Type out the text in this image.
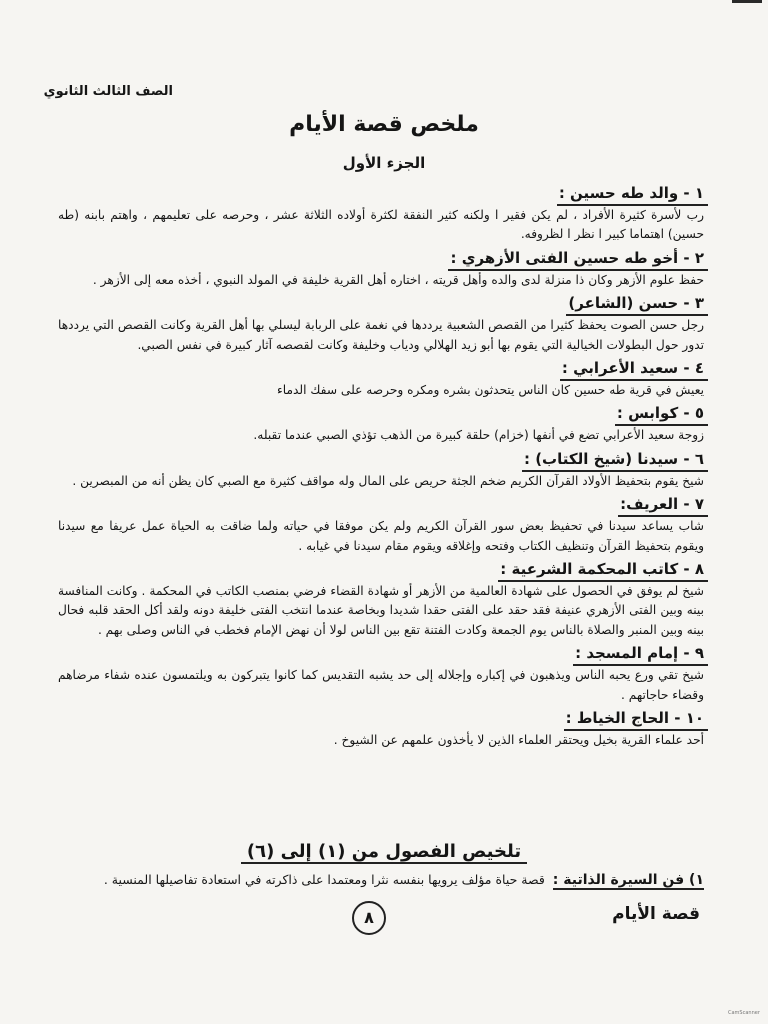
الصف الثالث الثانوي
ملخص قصة الأيام
الجزء الأول
١ - والد طه حسين :

رب لأسرة كثيرة الأفراد ، لم يكن فقير ا ولكنه كثير النفقة لكثرة أولاده الثلاثة عشر ، وحرصه على تعليمهم ، واهتم بابنه (طه حسين) اهتماما كبير ا نظر ا لظروفه.

٢ - أخو طه حسين الفتى الأزهري :

حفظ علوم الأزهر وكان ذا منزلة لدى والده وأهل قريته ، اختاره أهل القرية خليفة في المولد النبوي ، أخذه معه إلى الأزهر .

٣ - حسن (الشاعر)

رجل حسن الصوت يحفظ كثيرا من القصص الشعبية يرددها في نغمة على الربابة ليسلي بها أهل القرية وكانت القصص التي يرددها تدور حول البطولات الخيالية التي يقوم بها أبو زيد الهلالي ودياب وخليفة وكانت لقصصه آثار كبيرة في نفس الصبي.

٤ - سعيد الأعرابي :

يعيش في قرية طه حسين كان الناس يتحدثون بشره ومكره وحرصه على سفك الدماء

٥ - كوابس :

زوجة سعيد الأعرابي تضع في أنفها (خزام) حلقة كبيرة من الذهب تؤذي الصبي عندما تقبله.

٦ - سيدنا (شيخ الكتاب) :

شيخ يقوم بتحفيظ الأولاد القرآن الكريم ضخم الجثة حريص على المال وله مواقف كثيرة مع الصبي كان يظن أنه من المبصرين .

٧ - العريف:

شاب يساعد سيدنا في تحفيظ بعض سور القرآن الكريم ولم يكن موفقا في حياته ولما ضاقت به الحياة عمل عريفا مع سيدنا ويقوم بتحفيظ القرآن وتنظيف الكتاب وفتحه وإغلاقه ويقوم مقام سيدنا في غيابه .

٨ - كاتب المحكمة الشرعية :

شيخ لم يوفق في الحصول على شهادة العالمية من الأزهر أو شهادة القضاء فرضي بمنصب الكاتب في المحكمة . وكانت المنافسة بينه وبين الفتى الأزهري عنيفة فقد حقد على الفتى حقدا شديدا وبخاصة عندما انتخب الفتى خليفة دونه ولقد أكل الحقد قلبه فحال بينه وبين المنبر والصلاة بالناس يوم الجمعة وكادت الفتنة تقع بين الناس لولا أن نهض الإمام فخطب في الناس وصلى بهم .

٩ - إمام المسجد :

شيخ تقي ورع يحبه الناس ويذهبون في إكباره وإجلاله إلى حد يشبه التقديس كما كانوا يتبركون به ويلتمسون عنده شفاء مرضاهم وقضاء حاجاتهم .

١٠ - الحاج الخياط :

أحد علماء القرية بخيل ويحتقر العلماء الذين لا يأخذون علمهم عن الشيوخ .

تلخيص الفصول من (١) إلى (٦)
١) فن السيرة الذاتية : قصة حياة مؤلف يرويها بنفسه نثرا ومعتمدا على ذاكرته في استعادة تفاصيلها المنسية .
٨	قصة الأيام
CamScanner
